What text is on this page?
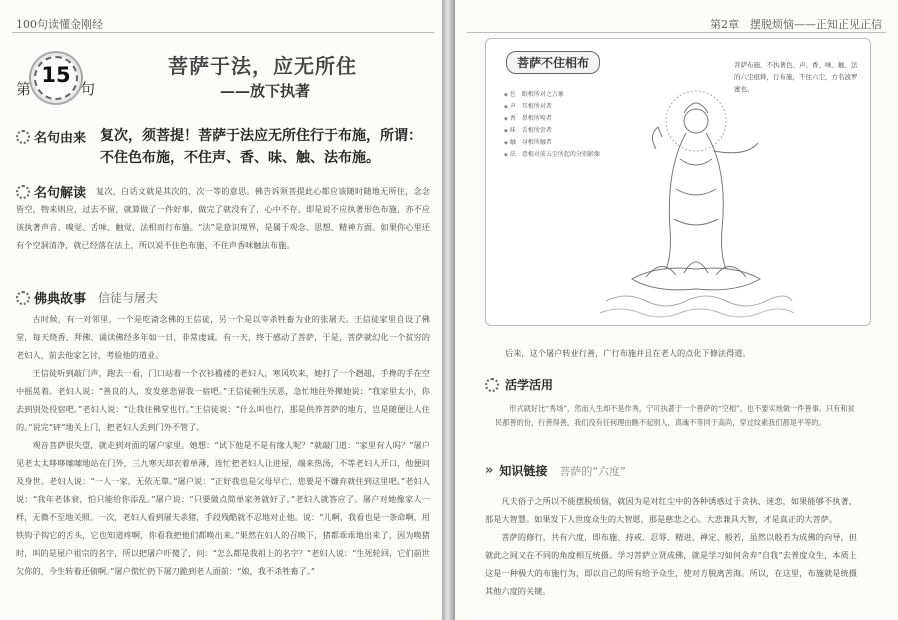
100句读懂金刚经
第
15
句
菩萨于法，应无所住
——放下执著
名句由来 复次，须菩提！菩萨于法应无所住行于布施，所谓：不住色布施，不住声、香、味、触、法布施。
名句解读	复次，白话文就是其次的、次一等的意思。佛告诉须菩提此心都应该随时随地无所住，念念皆空，物来则应，过去不留，就算做了一件好事，做完了就没有了，心中不存。即是说不应执著形色布施，亦不应该执著声音、嗅觉、舌味、触觉、法相而行布施。“法”是意识境界，是属于观念、思想、精神方面。如果你心里还有个空洞清净，就已经落在法上，所以说不住色布施、不住声香味触法布施。
佛典故事 信徒与屠夫

古时候，有一对邻里，一个是吃斋念佛的王信徒，另一个是以宰杀牲畜为业的张屠夫。王信徒家里自设了佛堂，每天烧香、拜佛、诵读佛经多年如一日，非常虔诚。有一天，终于感动了菩萨，于是，菩萨就幻化一个贫穷的老妇人，前去他家乞讨，考验他的道业。

王信徒听到敲门声，跑去一看，门口站着一个衣衫褴褛的老妇人，寒风吹来，她打了一个趔趄，手搀的手在空中摇晃着。老妇人说：“善良的人，发发慈悲留我一宿吧。”王信徒顿生厌恶，急忙地往外撵她说：“我家里太小，你去到别处投宿吧。”老妇人说：“让我住佛堂也行。”王信徒说：“什么叫也行，那是供养菩萨的地方，岂是随便让人住的。”说完“砰”地关上门，把老妇人丢到门外不管了。

观音菩萨很失望，就走到对面的屠户家里。她想：“试下他是不是有缘人呢？”就敲门道：“家里有人吗？”屠户见老太太哆哆嗦嗦地站在门外，三九寒天却衣着单薄，连忙把老妇人让进屋，端来热汤，不等老妇人开口，他便问及身世。老妇人说：“一人一家，无依无靠。”屠户说：“正好我也是父母早亡，您要是不嫌弃就住到这里吧。”老妇人说：“我年老体衰，怕只能给你添乱。”屠户说：“只要做点简单家务就好了。”老妇人就答应了。屠户对她像家人一样，无微不至地关照。一次，老妇人看到屠夫杀猪，手段残酷就不忍地对止他。说：“儿啊，我看也是一条命啊，用铁钩子钩它的舌头，它也知道疼啊，你看我把他们都唤出来。”果然在妇人的召唤下，猪都乖乖地出来了，因为唤猪时，叫的是屋户祖宗的名字，所以把屠户吓傻了，问：“怎么都是我祖上的名字？”老妇人说：“生死轮回，它们前世欠你的，今生转着还债啊。”屠户慌忙扔下屠刀跪到老人面前：“娘，我不杀牲畜了。”

第2章　摆脱烦恼——正知正见正信
菩萨不住相布
◆ 色　眼根所对之万象
◆ 声　耳根所对者
◆ 香　鼻根所嗅者
◆ 味　舌根所尝者
◆ 触　身根所触者
◆ 法　意根对前五尘所起的分别影像
菩萨布施，不执著色、声、香、味、触、法的六尘痕释，行布施，不住六尘，方名波罗蜜也。
后来，这个屠户转业行善，广行布施并且在老人的点化下修法得道。
活学活用
形式就好比“秀场”，然而人生却不是作秀，宁可执著于一个善萨的“空相”，也不要实地做一件善事。只有和贫民都善的份，行善得善，我们没有任何理由瞧不起别人，真魂不等同于高尚，穿过纹素我们都是平等的。
» 知识链接 菩萨的“六度”

凡夫俗子之所以不能摆脱烦恼，就因为是对红尘中的各种诱惑过于贪执、迷恋，如果能够不执著，那是大智慧。如果发下人世度众生的大智愿，那是慈悲之心。大悲兼具大智，才是真正的大菩萨。

菩萨的修行，共有六度，即布施、持戒、忍辱、精进、禅定、般若，虽然以般若为成佛的向导，但就此之间又在不同的角度相互统摄。学习菩萨立贤成佛，就是学习如何舍弃“自我”去普度众生，本质上这是一种极大的布施行为，即以自己的所有给予众生，使对方脱离苦海。所以，在这里，布施就是统摄其他六度的关键。
